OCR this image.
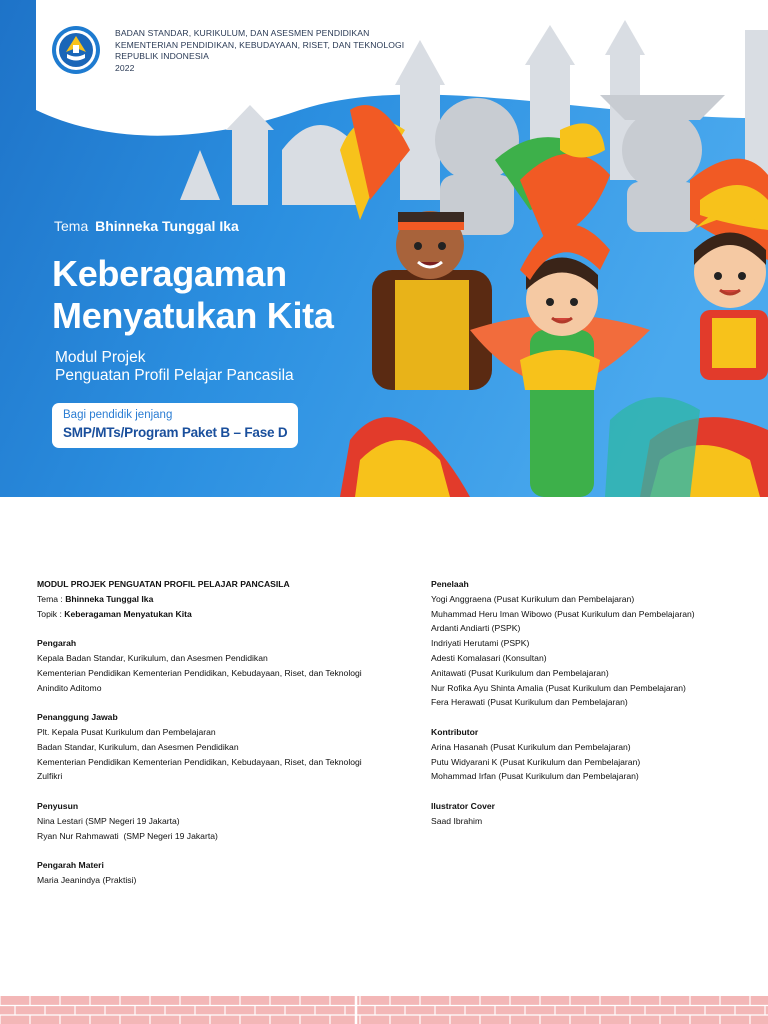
BADAN STANDAR, KURIKULUM, DAN ASESMEN PENDIDIKAN
KEMENTERIAN PENDIDIKAN, KEBUDAYAAN, RISET, DAN TEKNOLOGI
REPUBLIK INDONESIA
2022
Tema Bhinneka Tunggal Ika
Keberagaman
Menyatukan Kita
Modul Projek
Penguatan Profil Pelajar Pancasila
Bagi pendidik jenjang
SMP/MTs/Program Paket B – Fase D
MODUL PROJEK PENGUATAN PROFIL PELAJAR PANCASILA
Tema : Bhinneka Tunggal Ika
Topik : Keberagaman Menyatukan Kita
Pengarah
Kepala Badan Standar, Kurikulum, dan Asesmen Pendidikan
Kementerian Pendidikan Kementerian Pendidikan, Kebudayaan, Riset, dan Teknologi
Anindito Aditomo
Penanggung Jawab
Plt. Kepala Pusat Kurikulum dan Pembelajaran
Badan Standar, Kurikulum, dan Asesmen Pendidikan
Kementerian Pendidikan Kementerian Pendidikan, Kebudayaan, Riset, dan Teknologi
Zulfikri
Penyusun
Nina Lestari (SMP Negeri 19 Jakarta)
Ryan Nur Rahmawati  (SMP Negeri 19 Jakarta)
Pengarah Materi
Maria Jeanindya (Praktisi)
Penelaah
Yogi Anggraena (Pusat Kurikulum dan Pembelajaran)
Muhammad Heru Iman Wibowo (Pusat Kurikulum dan Pembelajaran)
Ardanti Andiarti (PSPK)
Indriyati Herutami (PSPK)
Adesti Komalasari (Konsultan)
Anitawati (Pusat Kurikulum dan Pembelajaran)
Nur Rofika Ayu Shinta Amalia (Pusat Kurikulum dan Pembelajaran)
Fera Herawati (Pusat Kurikulum dan Pembelajaran)
Kontributor
Arina Hasanah (Pusat Kurikulum dan Pembelajaran)
Putu Widyarani K (Pusat Kurikulum dan Pembelajaran)
Mohammad Irfan (Pusat Kurikulum dan Pembelajaran)
Ilustrator Cover
Saad Ibrahim
